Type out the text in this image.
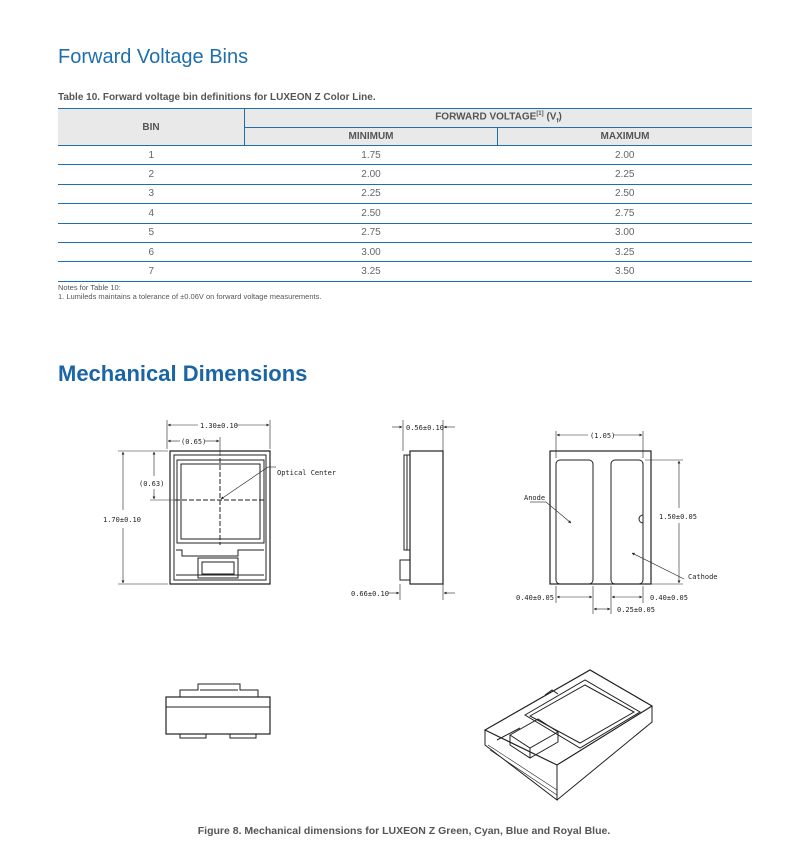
Forward Voltage Bins
Table 10. Forward voltage bin definitions for LUXEON Z Color Line.
BIN	FORWARD VOLTAGE[1] $(V_f)$	
	MINIMUM	MAXIMUM
1	1.75	2.00
2	2.00	2.25
3	2.25	2.50
4	2.50	2.75
5	2.75	3.00
6	3.00	3.25
7	3.25	3.50
Notes for Table 10:
1. Lumileds maintains a tolerance of ±0.06V on forward voltage measurements.
Mechanical Dimensions
1.30±0.10
(0.65)
(0.63)
1.70±0.10
Optical Center
0.56±0.10
0.66±0.10
(1.05)
1.50±0.05
Anode
Cathode
0.40±0.05	0.40±0.05
0.25±0.05
Figure 8. Mechanical dimensions for LUXEON Z Green, Cyan, Blue and Royal Blue.
